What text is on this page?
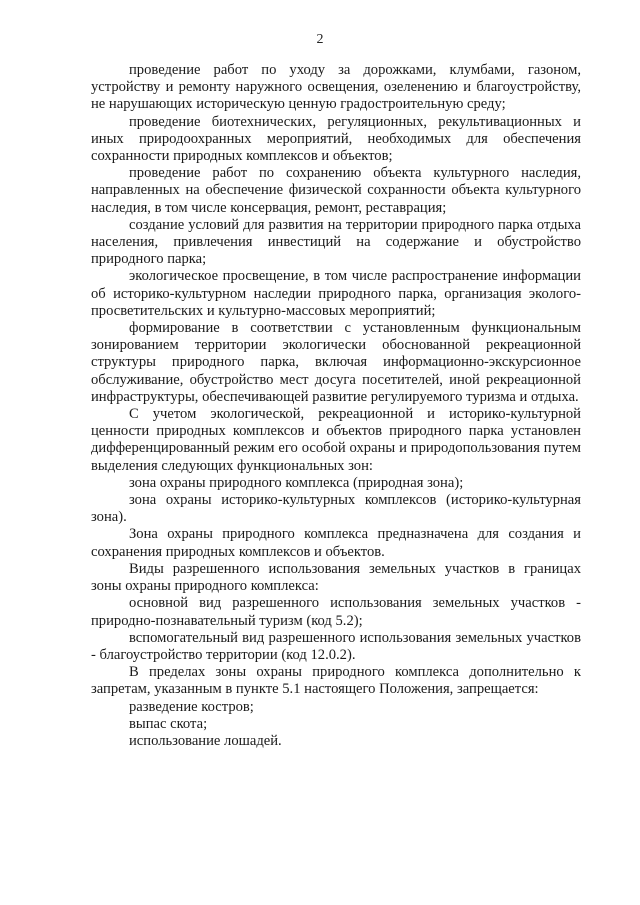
2

проведение работ по уходу за дорожками, клумбами, газоном, устройству и ремонту наружного освещения, озеленению и благоустройству, не нарушающих историческую ценную градостроительную среду;

проведение биотехнических, регуляционных, рекультивационных и иных природоохранных мероприятий, необходимых для обеспечения сохранности природных комплексов и объектов;

проведение работ по сохранению объекта культурного наследия, направленных на обеспечение физической сохранности объекта культурного наследия, в том числе консервация, ремонт, реставрация;

создание условий для развития на территории природного парка отдыха населения, привлечения инвестиций на содержание и обустройство природного парка;

экологическое просвещение, в том числе распространение информации об историко-культурном наследии природного парка, организация эколого-просветительских и культурно-массовых мероприятий;

формирование в соответствии с установленным функциональным зонированием территории экологически обоснованной рекреационной структуры природного парка, включая информационно-экскурсионное обслуживание, обустройство мест досуга посетителей, иной рекреационной инфраструктуры, обеспечивающей развитие регулируемого туризма и отдыха.

С учетом экологической, рекреационной и историко-культурной ценности природных комплексов и объектов природного парка установлен дифференцированный режим его особой охраны и природопользования путем выделения следующих функциональных зон:

зона охраны природного комплекса (природная зона);

зона охраны историко-культурных комплексов (историко-культурная зона).

Зона охраны природного комплекса предназначена для создания и сохранения природных комплексов и объектов.

Виды разрешенного использования земельных участков в границах зоны охраны природного комплекса:

основной вид разрешенного использования земельных участков - природно-познавательный туризм (код 5.2);

вспомогательный вид разрешенного использования земельных участков - благоустройство территории (код 12.0.2).

В пределах зоны охраны природного комплекса дополнительно к запретам, указанным в пункте 5.1 настоящего Положения, запрещается:

разведение костров;

выпас скота;

использование лошадей.
